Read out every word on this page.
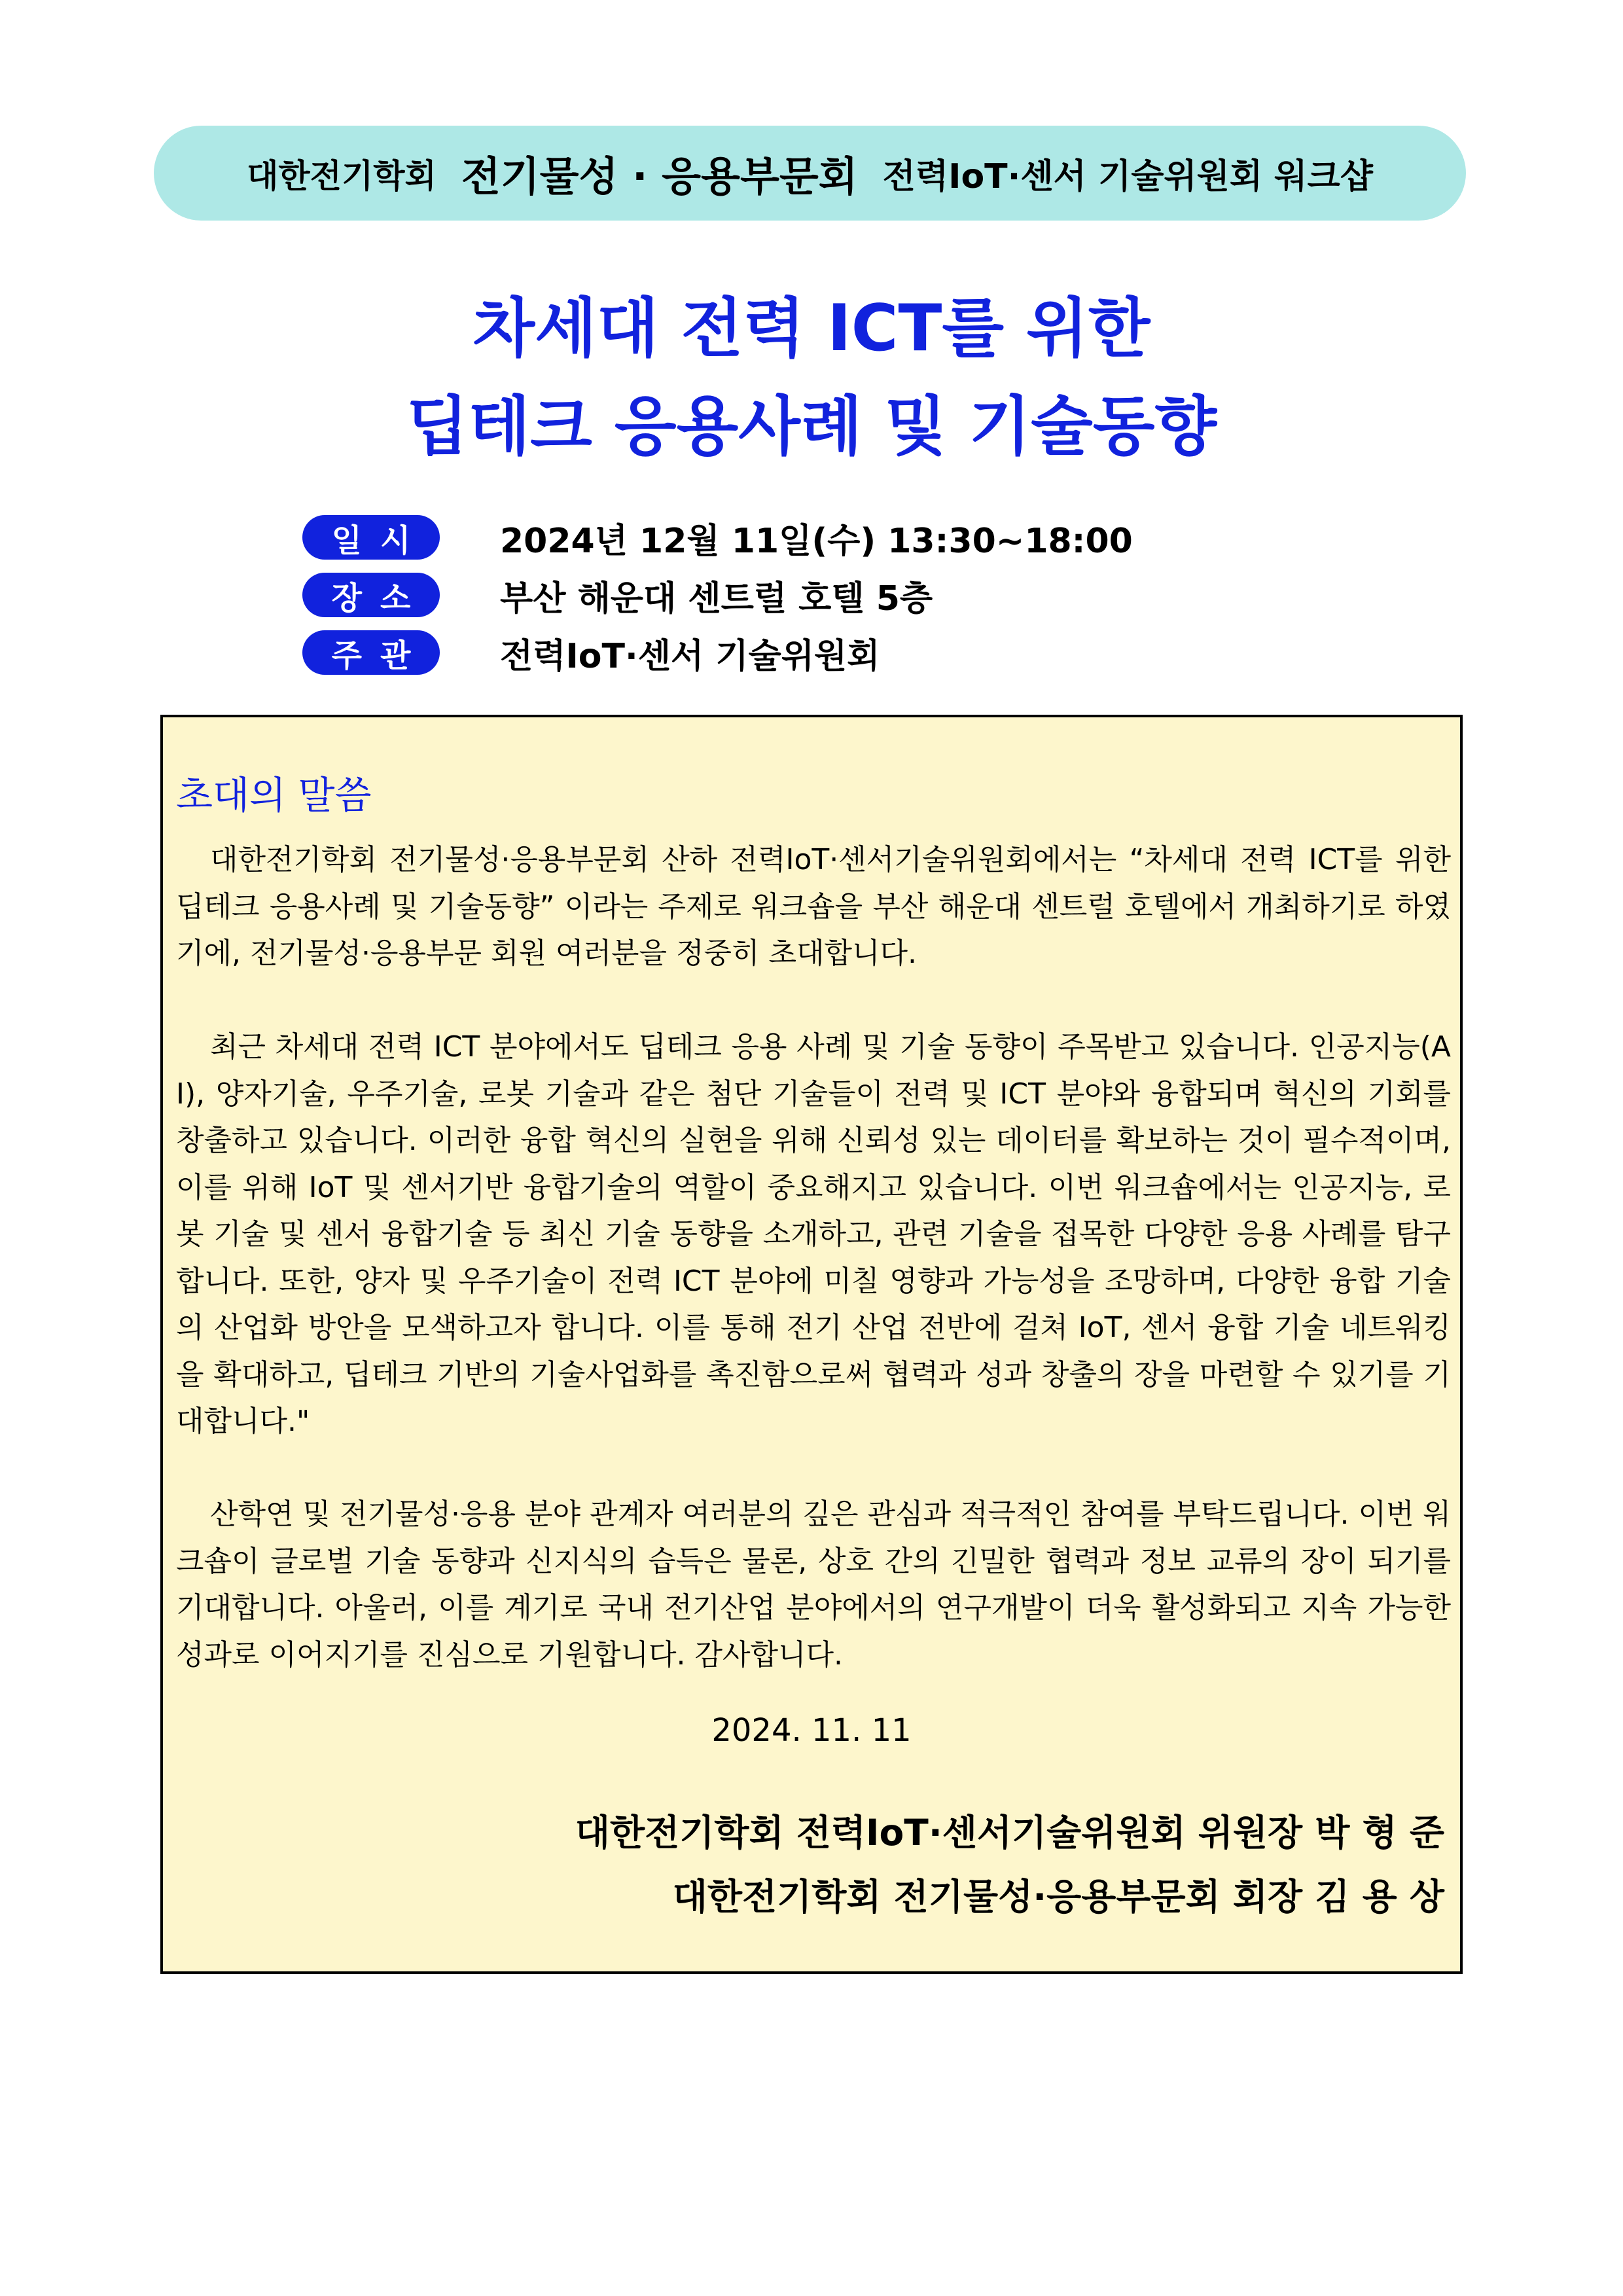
대한전기학회 전기물성 · 응용부문회 전력IoT·센서 기술위원회 워크샵
차세대 전력 ICT를 위한
딥테크 응용사례 및 기술동향
일시	2024년 12월 11일(수) 13:30~18:00
장소	부산 해운대 센트럴 호텔 5층
주관	전력IoT·센서 기술위원회
초대의 말씀

대한전기학회 전기물성·응용부문회 산하 전력IoT·센서기술위원회에서는 “차세대 전력 ICT를 위한 딥테크 응용사례 및 기술동향” 이라는 주제로 워크숍을 부산 해운대 센트럴 호텔에서 개최하기로 하였기에, 전기물성·응용부문 회원 여러분을 정중히 초대합니다.

최근 차세대 전력 ICT 분야에서도 딥테크 응용 사례 및 기술 동향이 주목받고 있습니다. 인공지능(AI), 양자기술, 우주기술, 로봇 기술과 같은 첨단 기술들이 전력 및 ICT 분야와 융합되며 혁신의 기회를 창출하고 있습니다. 이러한 융합 혁신의 실현을 위해 신뢰성 있는 데이터를 확보하는 것이 필수적이며, 이를 위해 IoT 및 센서기반 융합기술의 역할이 중요해지고 있습니다. 이번 워크숍에서는 인공지능, 로봇 기술 및 센서 융합기술 등 최신 기술 동향을 소개하고, 관련 기술을 접목한 다양한 응용 사례를 탐구합니다. 또한, 양자 및 우주기술이 전력 ICT 분야에 미칠 영향과 가능성을 조망하며, 다양한 융합 기술의 산업화 방안을 모색하고자 합니다. 이를 통해 전기 산업 전반에 걸쳐 IoT, 센서 융합 기술 네트워킹을 확대하고, 딥테크 기반의 기술사업화를 촉진함으로써 협력과 성과 창출의 장을 마련할 수 있기를 기대합니다."

산학연 및 전기물성·응용 분야 관계자 여러분의 깊은 관심과 적극적인 참여를 부탁드립니다. 이번 워크숍이 글로벌 기술 동향과 신지식의 습득은 물론, 상호 간의 긴밀한 협력과 정보 교류의 장이 되기를 기대합니다. 아울러, 이를 계기로 국내 전기산업 분야에서의 연구개발이 더욱 활성화되고 지속 가능한 성과로 이어지기를 진심으로 기원합니다. 감사합니다.

2024. 11. 11
대한전기학회 전력IoT·센서기술위원회 위원장 박 형 준
대한전기학회 전기물성·응용부문회 회장 김 용 상
